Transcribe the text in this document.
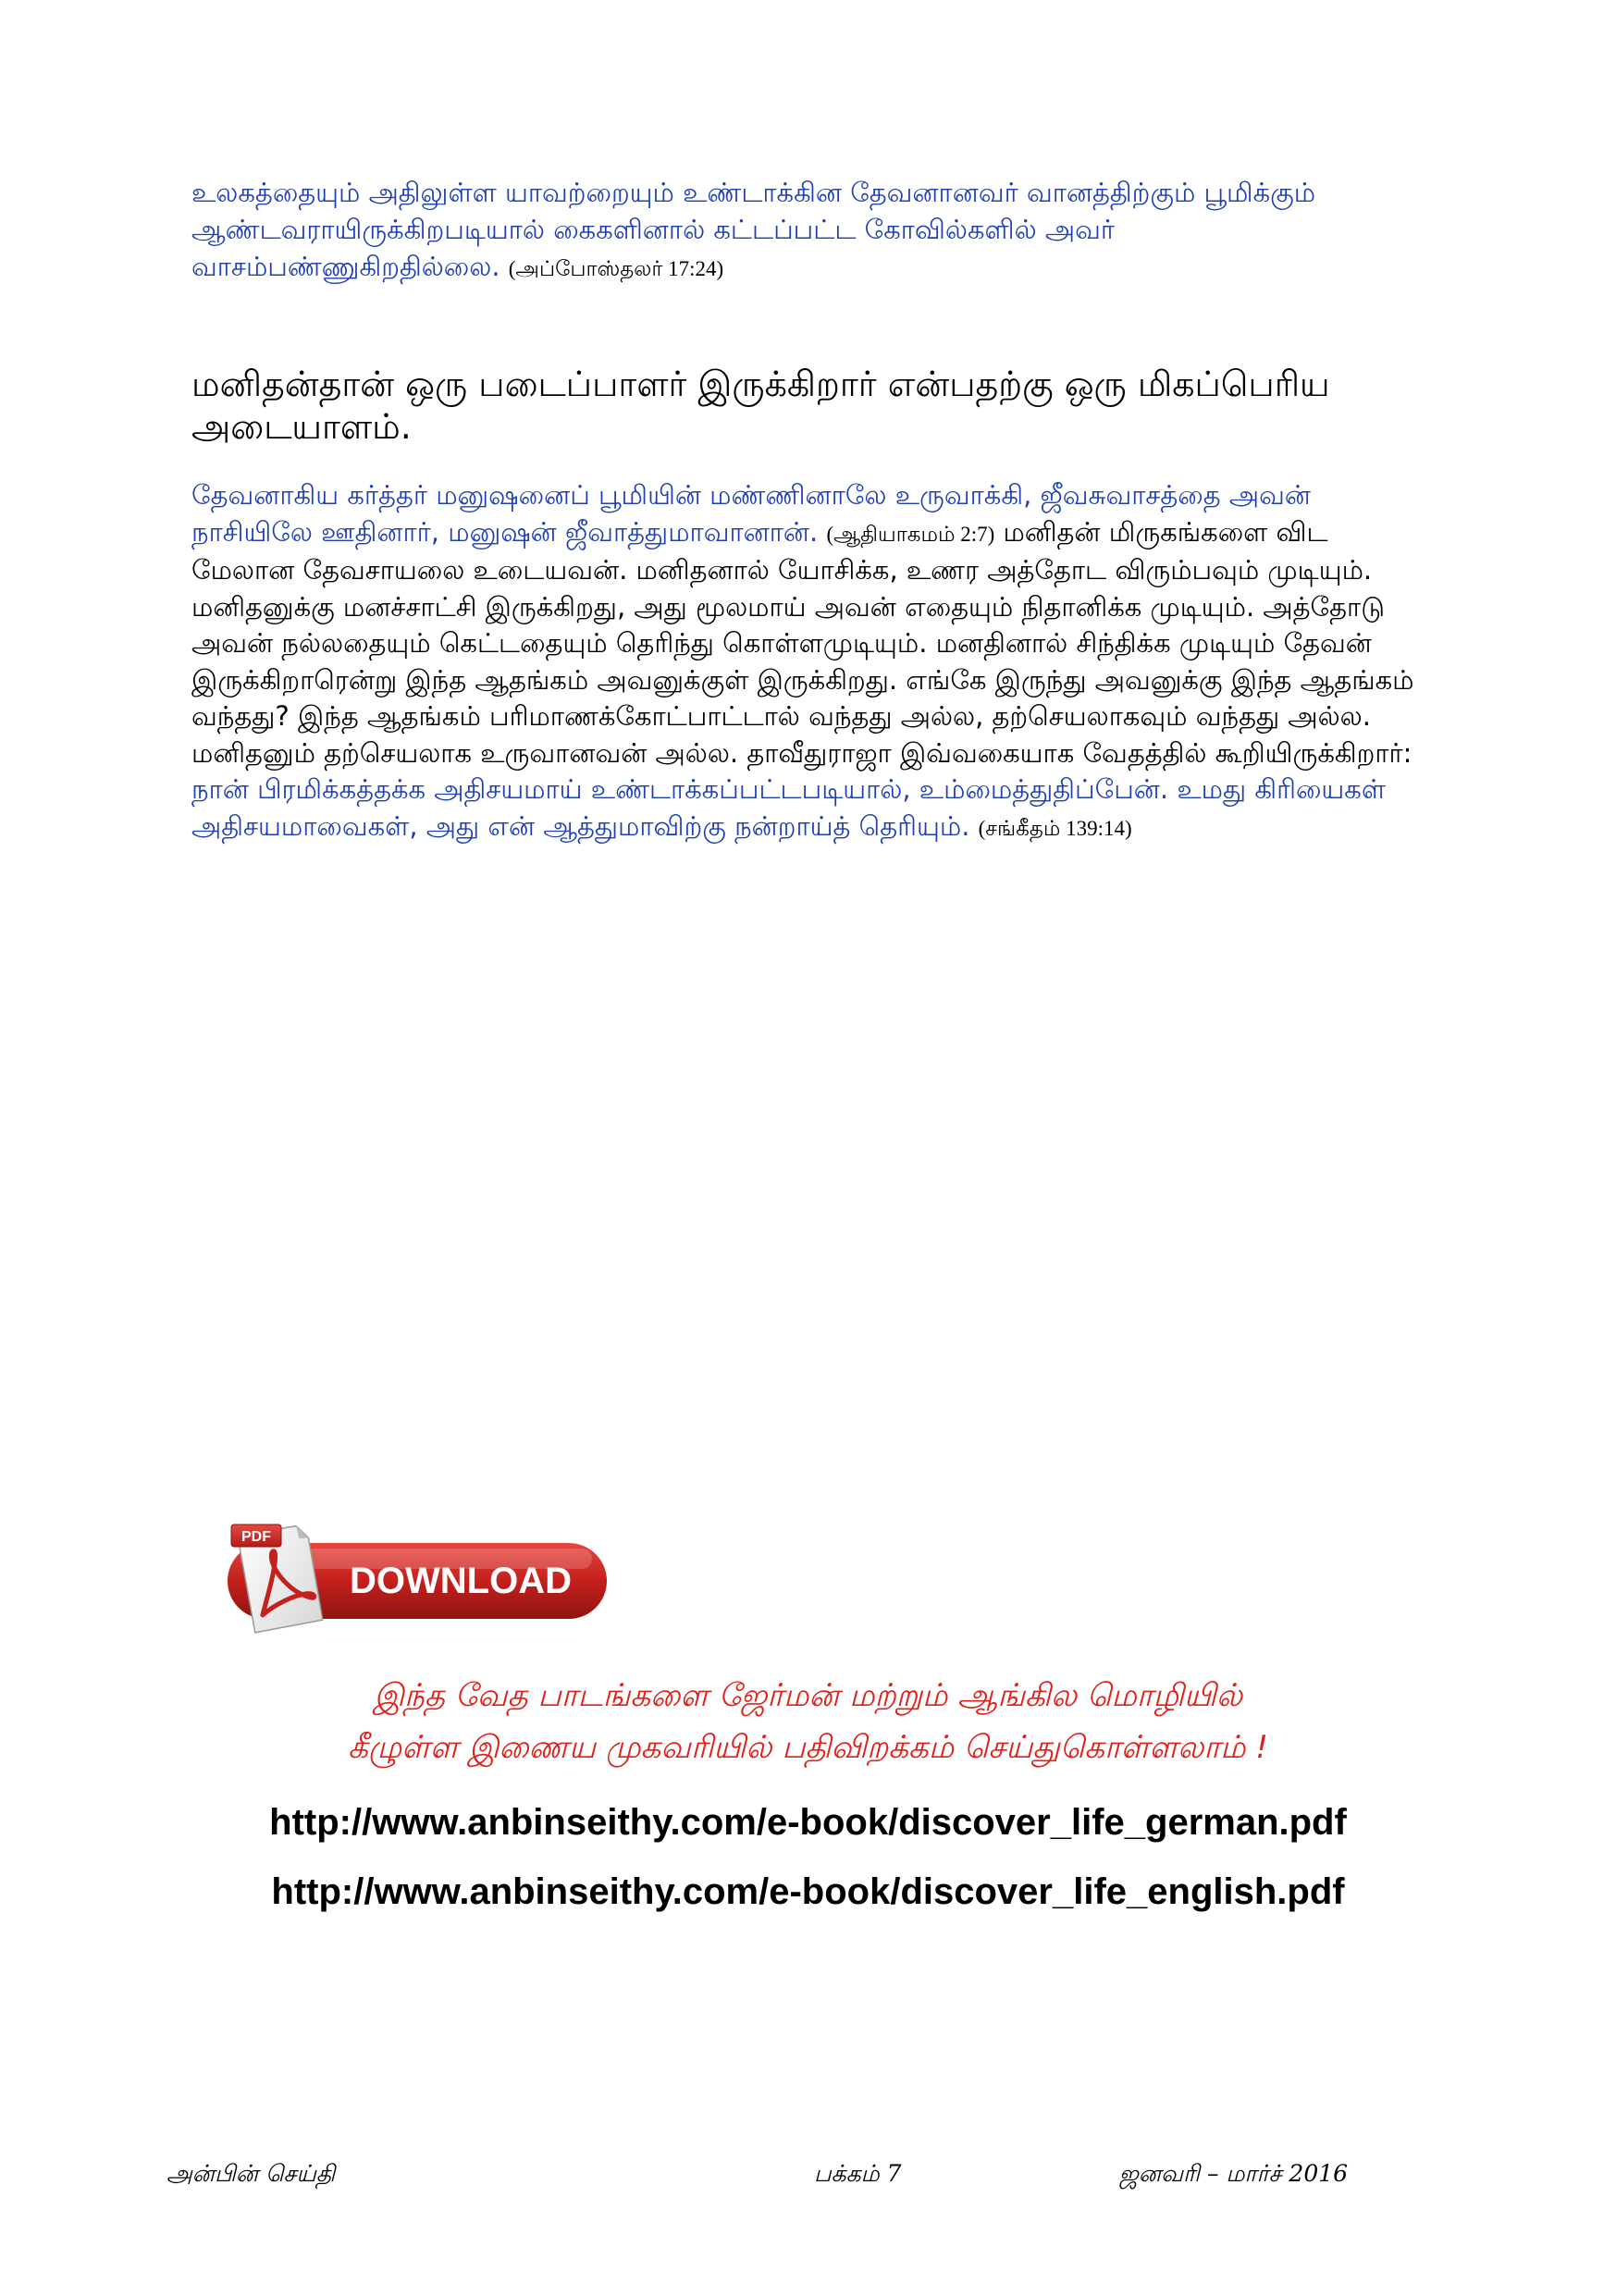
உலகத்தையும் அதிலுள்ள யாவற்றையும் உண்டாக்கின தேவனானவர் வானத்திற்கும் பூமிக்கும் ஆண்டவராயிருக்கிறபடியால் கைகளினால் கட்டப்பட்ட கோவில்களில் அவர் வாசம்பண்ணுகிறதில்லை. (அப்போஸ்தலர் 17:24)
மனிதன்தான் ஒரு படைப்பாளர் இருக்கிறார் என்பதற்கு ஒரு மிகப்பெரிய அடையாளம்.

தேவனாகிய கர்த்தர் மனுஷனைப் பூமியின் மண்ணினாலே உருவாக்கி, ஜீவசுவாசத்தை அவன் நாசியிலே ஊதினார், மனுஷன் ஜீவாத்துமாவானான். (ஆதியாகமம் 2:7) மனிதன் மிருகங்களை விட மேலான தேவசாயலை உடையவன். மனிதனால் யோசிக்க, உணர அத்தோட விரும்பவும் முடியும். மனிதனுக்கு மனச்சாட்சி இருக்கிறது, அது மூலமாய் அவன் எதையும் நிதானிக்க முடியும். அத்தோடு அவன் நல்லதையும் கெட்டதையும் தெரிந்து கொள்ளமுடியும். மனதினால் சிந்திக்க முடியும் தேவன் இருக்கிறாரென்று இந்த ஆதங்கம் அவனுக்குள் இருக்கிறது. எங்கே இருந்து அவனுக்கு இந்த ஆதங்கம் வந்தது? இந்த ஆதங்கம் பரிமாணக்கோட்பாட்டால் வந்தது அல்ல, தற்செயலாகவும் வந்தது அல்ல. மனிதனும் தற்செயலாக உருவானவன் அல்ல. தாவீதுராஜா இவ்வகையாக வேதத்தில் கூறியிருக்கிறார்: நான் பிரமிக்கத்தக்க அதிசயமாய் உண்டாக்கப்பட்டபடியால், உம்மைத்துதிப்பேன். உமது கிரியைகள் அதிசயமாவைகள், அது என் ஆத்துமாவிற்கு நன்றாய்த் தெரியும். (சங்கீதம் 139:14)

PDF
DOWNLOAD
இந்த வேத பாடங்களை ஜேர்மன் மற்றும் ஆங்கில மொழியில்
கீழுள்ள இணைய முகவரியில் பதிவிறக்கம் செய்துகொள்ளலாம் !
http://www.anbinseithy.com/e-book/discover_life_german.pdf
http://www.anbinseithy.com/e-book/discover_life_english.pdf
அன்பின் செய்தி	பக்கம் 7	ஜனவரி – மார்ச் 2016
